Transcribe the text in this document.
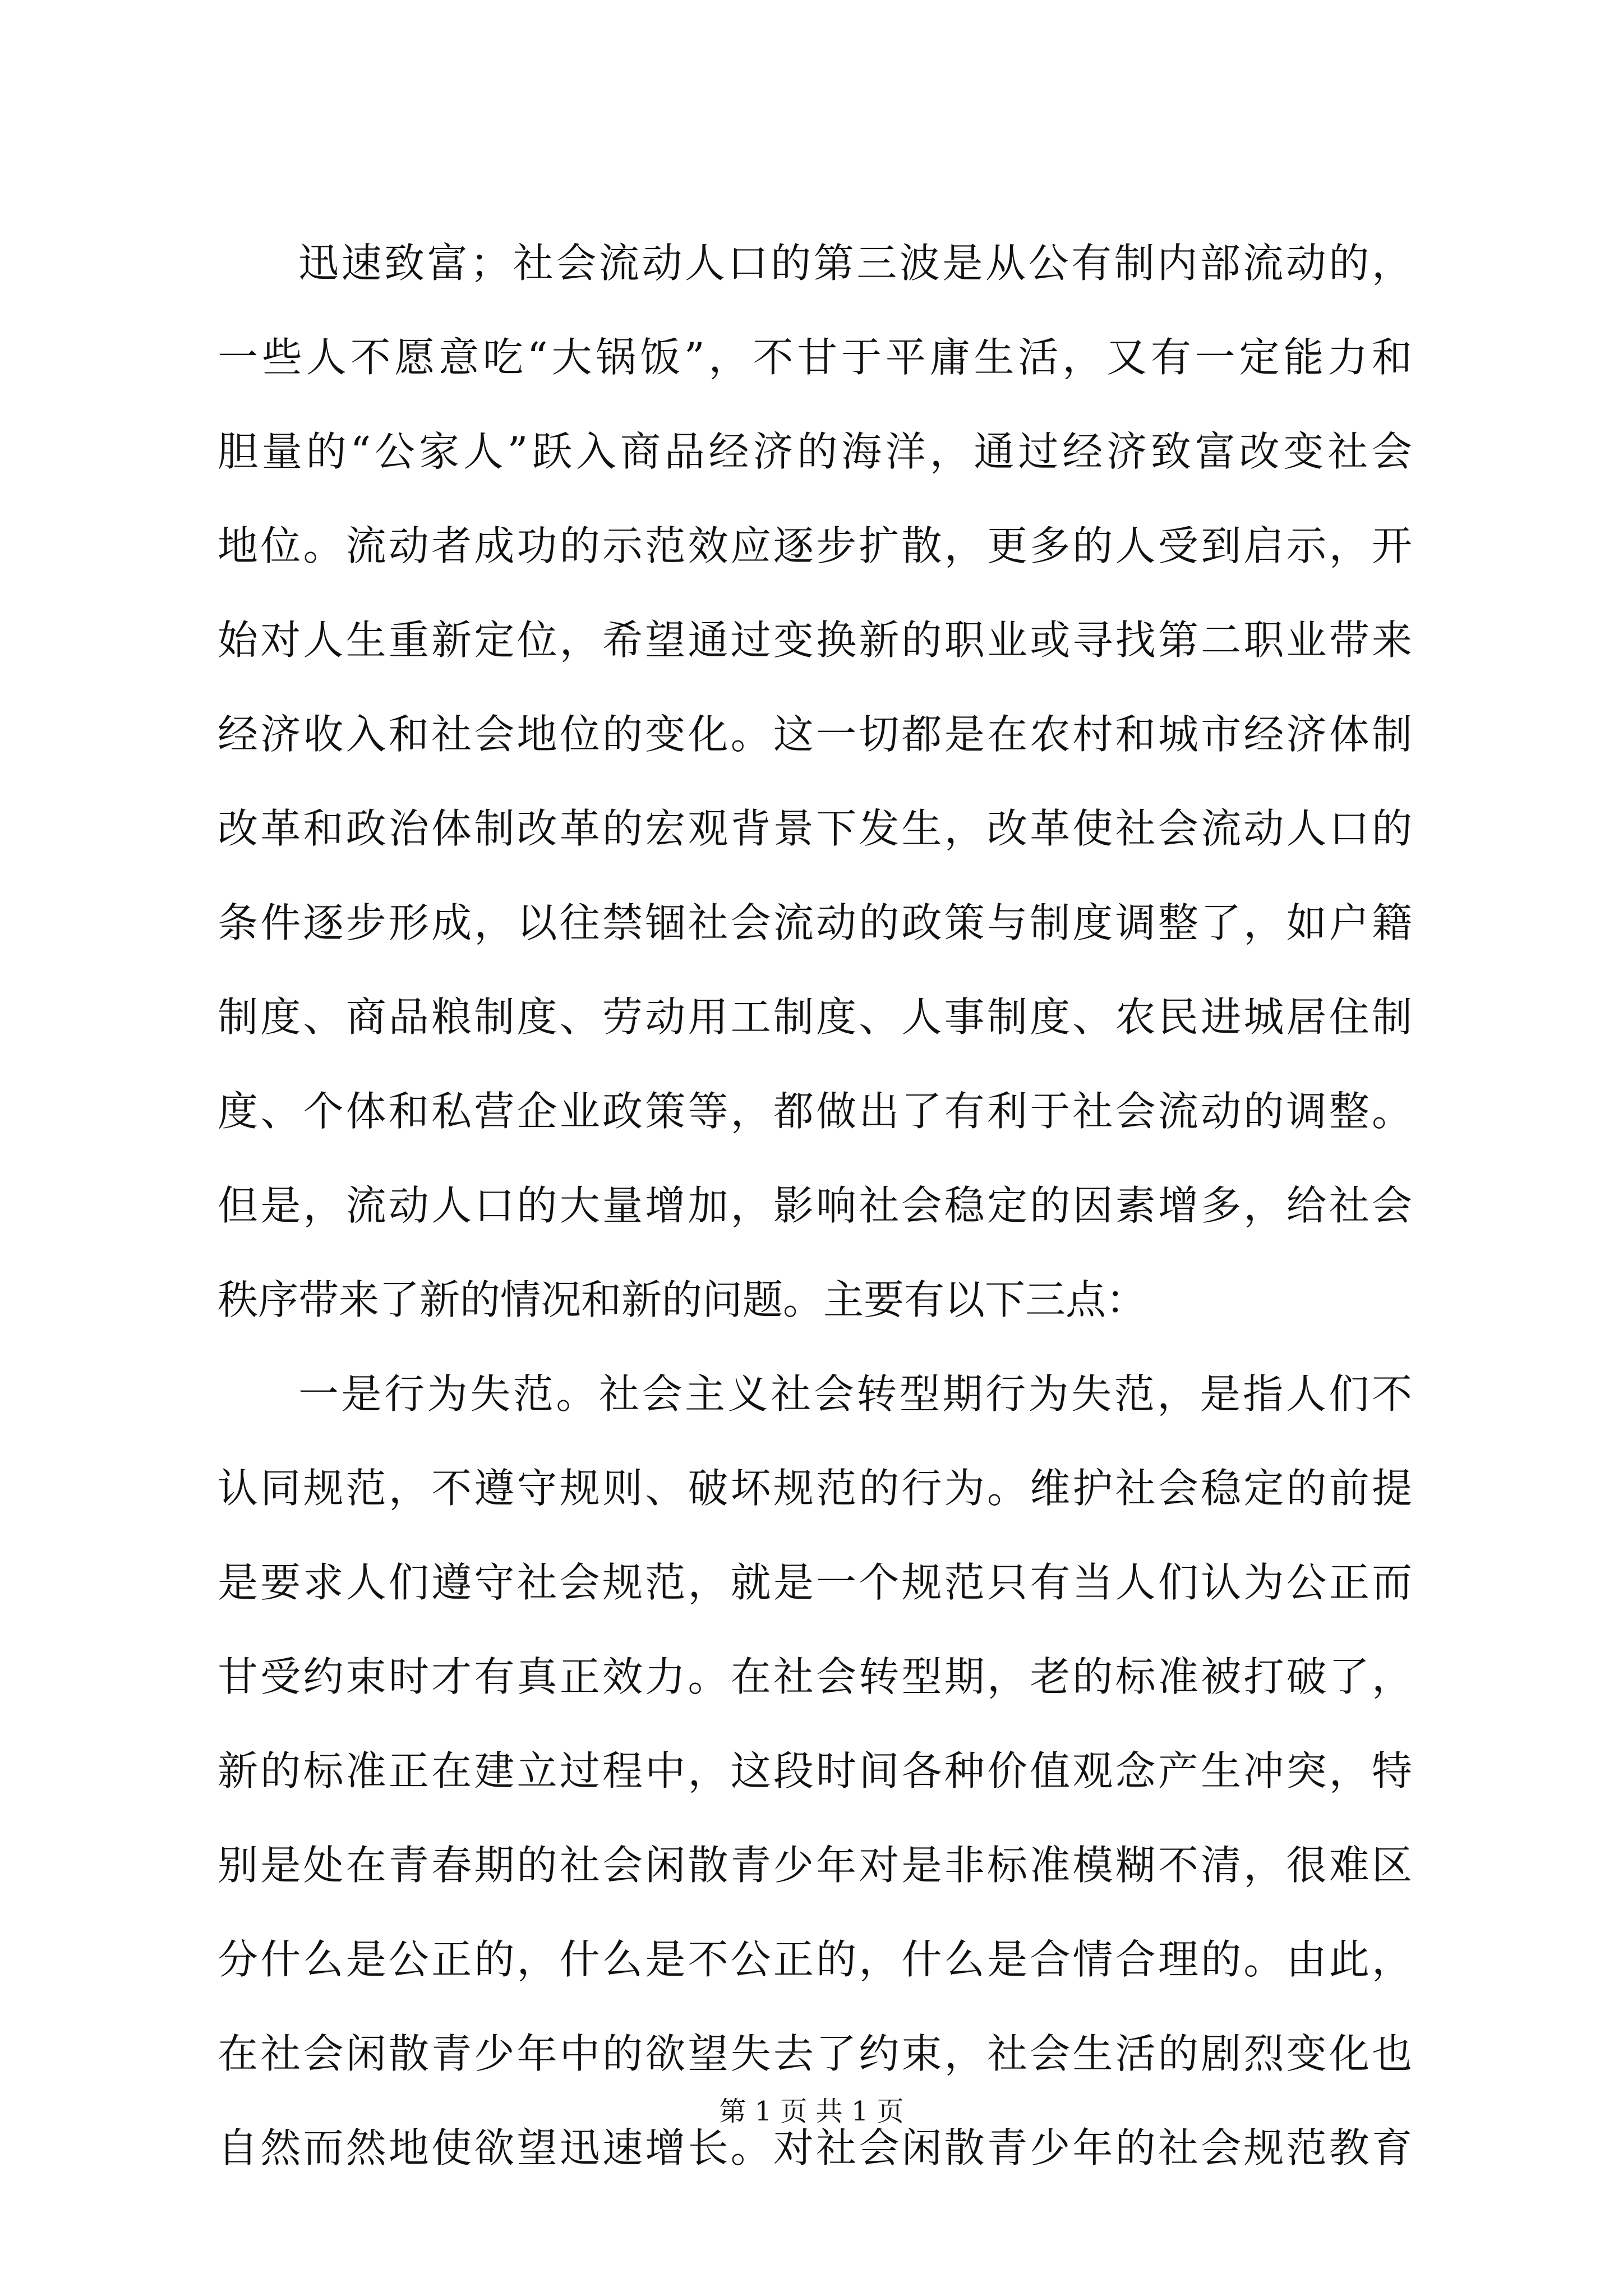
迅速致富；社会流动人口的第三波是从公有制内部流动的，
一些人不愿意吃“大锅饭”，不甘于平庸生活，又有一定能力和
胆量的“公家人”跃入商品经济的海洋，通过经济致富改变社会
地位。流动者成功的示范效应逐步扩散，更多的人受到启示，开
始对人生重新定位，希望通过变换新的职业或寻找第二职业带来
经济收入和社会地位的变化。这一切都是在农村和城市经济体制
改革和政治体制改革的宏观背景下发生，改革使社会流动人口的
条件逐步形成，以往禁锢社会流动的政策与制度调整了，如户籍
制度、商品粮制度、劳动用工制度、人事制度、农民进城居住制
度、个体和私营企业政策等，都做出了有利于社会流动的调整。
但是，流动人口的大量增加，影响社会稳定的因素增多，给社会
秩序带来了新的情况和新的问题。主要有以下三点：
一是行为失范。社会主义社会转型期行为失范，是指人们不
认同规范，不遵守规则、破坏规范的行为。维护社会稳定的前提
是要求人们遵守社会规范，就是一个规范只有当人们认为公正而
甘受约束时才有真正效力。在社会转型期，老的标准被打破了，
新的标准正在建立过程中，这段时间各种价值观念产生冲突，特
别是处在青春期的社会闲散青少年对是非标准模糊不清，很难区
分什么是公正的，什么是不公正的，什么是合情合理的。由此，
在社会闲散青少年中的欲望失去了约束，社会生活的剧烈变化也
自然而然地使欲望迅速增长。对社会闲散青少年的社会规范教育
第 1 页 共 1 页
